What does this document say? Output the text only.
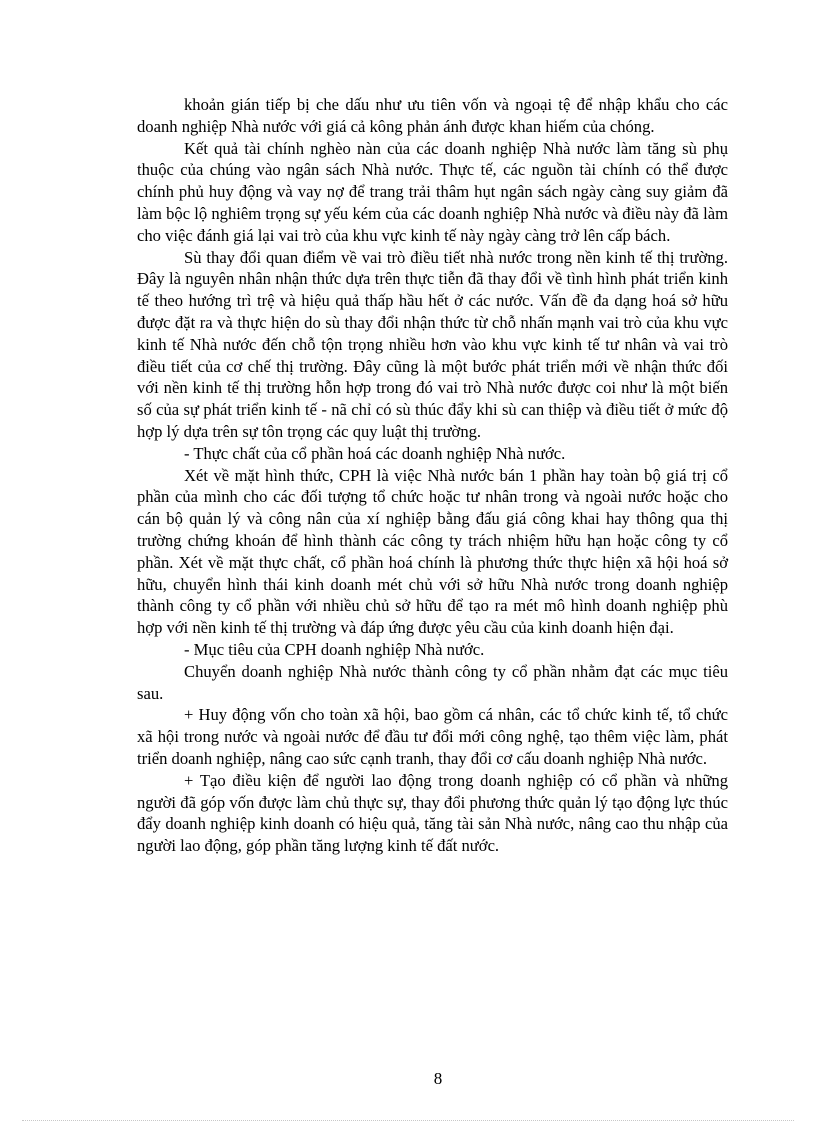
khoản gián tiếp bị che dấu như ưu tiên vốn và ngoại tệ để nhập khẩu cho các doanh nghiệp Nhà nước với giá cả kông phản ánh được khan hiếm của chóng.

Kết quả tài chính nghèo nàn của các doanh nghiệp Nhà nước làm tăng sù phụ thuộc của chúng vào ngân sách Nhà nước. Thực tế, các nguồn tài chính có thể được chính phủ huy động và vay nợ để trang trải thâm hụt ngân sách ngày càng suy giảm đã làm bộc lộ nghiêm trọng sự yếu kém của các doanh nghiệp Nhà nước và điều này đã làm cho việc đánh giá lại vai trò của khu vực kinh tế này ngày càng trở lên cấp bách.

Sù thay đổi quan điểm về vai trò điều tiết nhà nước trong nền kinh tế thị trường. Đây là nguyên nhân nhận thức dựa trên thực tiễn đã thay đổi về tình hình phát triển kinh tế theo hướng trì trệ và hiệu quả thấp hầu hết ở các nước. Vấn đề đa dạng hoá sở hữu được đặt ra và thực hiện do sù thay đổi nhận thức từ chỗ nhấn mạnh vai trò của khu vực kinh tế Nhà nước đến chỗ tộn trọng nhiều hơn vào khu vực kinh tế tư nhân và vai trò điều tiết của cơ chế thị trường. Đây cũng là một bước phát triển mới về nhận thức đối với nền kinh tế thị trường hỗn hợp trong đó vai trò Nhà nước được coi như là một biến số của sự phát triển kinh tế - nã chỉ có sù thúc đẩy khi sù can thiệp và điều tiết ở mức độ hợp lý dựa trên sự tôn trọng các quy luật thị trường.

- Thực chất của cổ phần hoá các doanh nghiệp Nhà nước.

Xét về mặt hình thức, CPH là việc Nhà nước bán 1 phần hay toàn bộ giá trị cổ phần của mình cho các đối tượng tổ chức hoặc tư nhân trong và ngoài nước hoặc cho cán bộ quản lý và công nân của xí nghiệp bằng đấu giá công khai hay thông qua thị trường chứng khoán để hình thành các công ty trách nhiệm hữu hạn hoặc công ty cổ phần. Xét về mặt thực chất, cổ phần hoá chính là phương thức thực hiện xã hội hoá sở hữu, chuyển hình thái kinh doanh mét chủ với sở hữu Nhà nước trong doanh nghiệp thành công ty cổ phần với nhiều chủ sở hữu để tạo ra mét mô hình doanh nghiệp phù hợp với nền kinh tế thị trường và đáp ứng được yêu cầu của kinh doanh hiện đại.

- Mục tiêu của CPH doanh nghiệp Nhà nước.

Chuyển doanh nghiệp Nhà nước thành công ty cổ phần nhằm đạt các mục tiêu sau.

+ Huy động vốn cho toàn xã hội, bao gồm cá nhân, các tổ chức kinh tế, tổ chức xã hội trong nước và ngoài nước để đầu tư đổi mới công nghệ, tạo thêm việc làm, phát triển doanh nghiệp, nâng cao sức cạnh tranh, thay đổi cơ cấu doanh nghiệp Nhà nước.

+ Tạo điều kiện để người lao động trong doanh nghiệp có cổ phần và những người đã góp vốn được làm chủ thực sự, thay đổi phương thức quản lý tạo động lực thúc đẩy doanh nghiệp kinh doanh có hiệu quả, tăng tài sản Nhà nước, nâng cao thu nhập của người lao động, góp phần tăng lượng kinh tế đất nước.

8
